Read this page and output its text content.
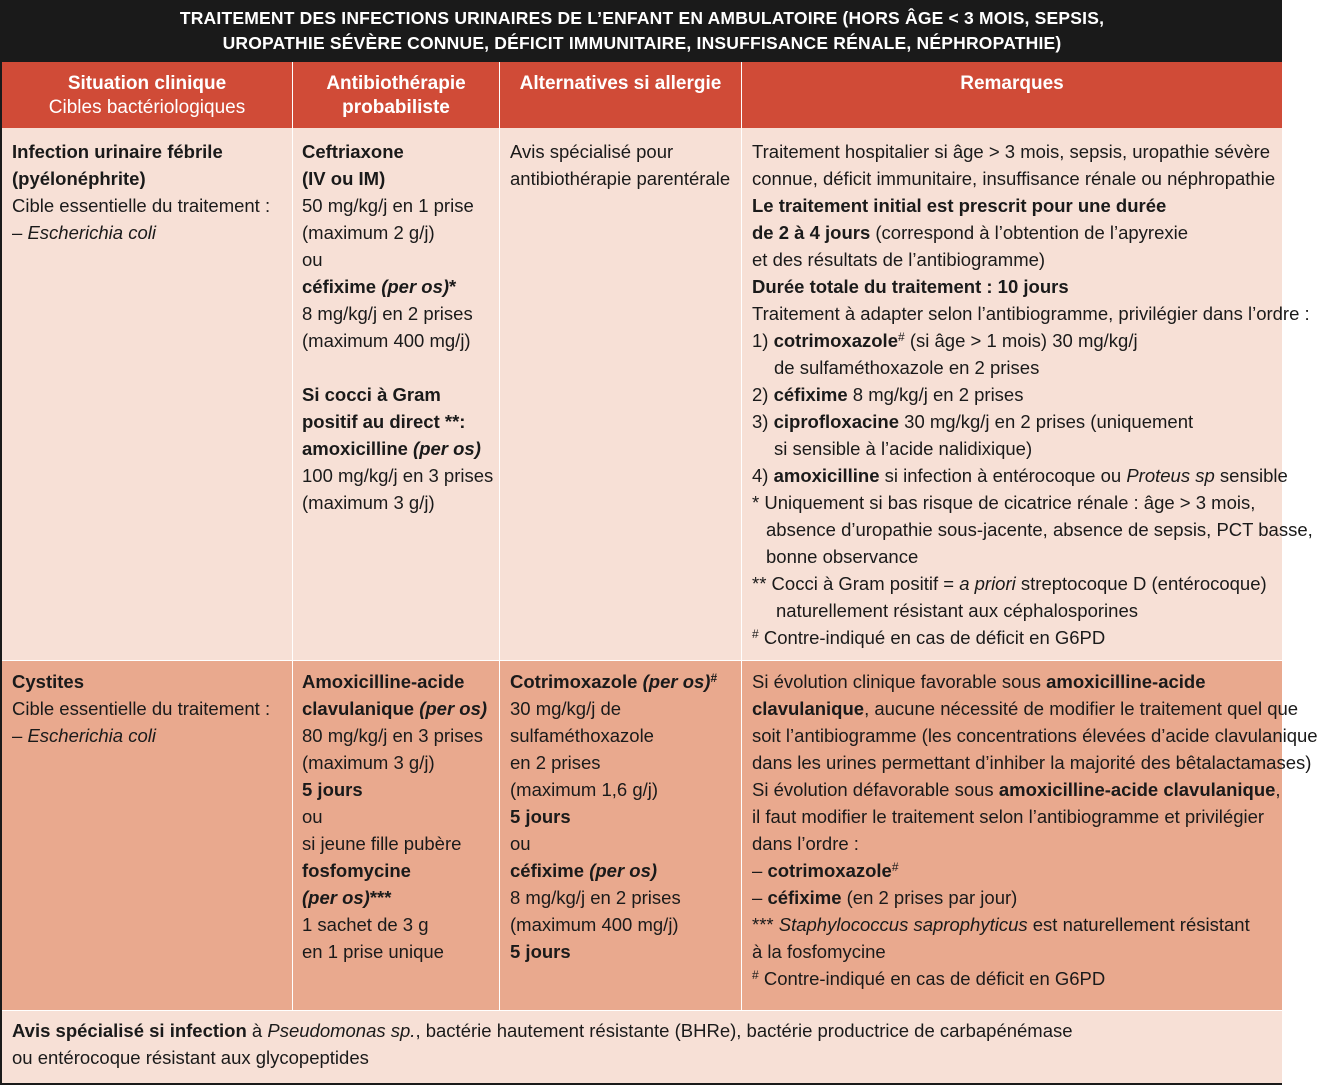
TRAITEMENT DES INFECTIONS URINAIRES DE L’ENFANT EN AMBULATOIRE (HORS ÂGE < 3 MOIS, SEPSIS,
UROPATHIE SÉVÈRE CONNUE, DÉFICIT IMMUNITAIRE, INSUFFISANCE RÉNALE, NÉPHROPATHIE)
Situation clinique
Cibles bactériologiques
Antibiothérapie
probabiliste
Alternatives si allergie	Remarques
Infection urinaire fébrile
(pyélonéphrite)
Cible essentielle du traitement :
– Escherichia coli
Ceftriaxone
(IV ou IM)
50 mg/kg/j en 1 prise
(maximum 2 g/j)
ou
céfixime (per os)*
8 mg/kg/j en 2 prises
(maximum 400 mg/j)
Si cocci à Gram
positif au direct **:
amoxicilline (per os)
100 mg/kg/j en 3 prises
(maximum 3 g/j)
Avis spécialisé pour
antibiothérapie parentérale
Traitement hospitalier si âge > 3 mois, sepsis, uropathie sévère
connue, déficit immunitaire, insuffisance rénale ou néphropathie
Le traitement initial est prescrit pour une durée
de 2 à 4 jours (correspond à l’obtention de l’apyrexie
et des résultats de l’antibiogramme)
Durée totale du traitement : 10 jours
Traitement à adapter selon l’antibiogramme, privilégier dans l’ordre :
1) cotrimoxazole# (si âge > 1 mois) 30 mg/kg/j
de sulfaméthoxazole en 2 prises
2) céfixime 8 mg/kg/j en 2 prises
3) ciprofloxacine 30 mg/kg/j en 2 prises (uniquement
si sensible à l’acide nalidixique)
4) amoxicilline si infection à entérocoque ou Proteus sp sensible
* Uniquement si bas risque de cicatrice rénale : âge > 3 mois,
absence d’uropathie sous-jacente, absence de sepsis, PCT basse,
bonne observance
** Cocci à Gram positif = a priori streptocoque D (entérocoque)
naturellement résistant aux céphalosporines
# Contre-indiqué en cas de déficit en G6PD
Cystites
Cible essentielle du traitement :
– Escherichia coli
Amoxicilline-acide
clavulanique (per os)
80 mg/kg/j en 3 prises
(maximum 3 g/j)
5 jours
ou
si jeune fille pubère
fosfomycine
(per os)***
1 sachet de 3 g
en 1 prise unique
Cotrimoxazole (per os)#
30 mg/kg/j de
sulfaméthoxazole
en 2 prises
(maximum 1,6 g/j)
5 jours
ou
céfixime (per os)
8 mg/kg/j en 2 prises
(maximum 400 mg/j)
5 jours
Si évolution clinique favorable sous amoxicilline-acide
clavulanique, aucune nécessité de modifier le traitement quel que
soit l’antibiogramme (les concentrations élevées d’acide clavulanique
dans les urines permettant d’inhiber la majorité des bêtalactamases)
Si évolution défavorable sous amoxicilline-acide clavulanique,
il faut modifier le traitement selon l’antibiogramme et privilégier
dans l’ordre :
– cotrimoxazole#
– céfixime (en 2 prises par jour)
*** Staphylococcus saprophyticus est naturellement résistant
à la fosfomycine
# Contre-indiqué en cas de déficit en G6PD
Avis spécialisé si infection à Pseudomonas sp., bactérie hautement résistante (BHRe), bactérie productrice de carbapénémase
ou entérocoque résistant aux glycopeptides
